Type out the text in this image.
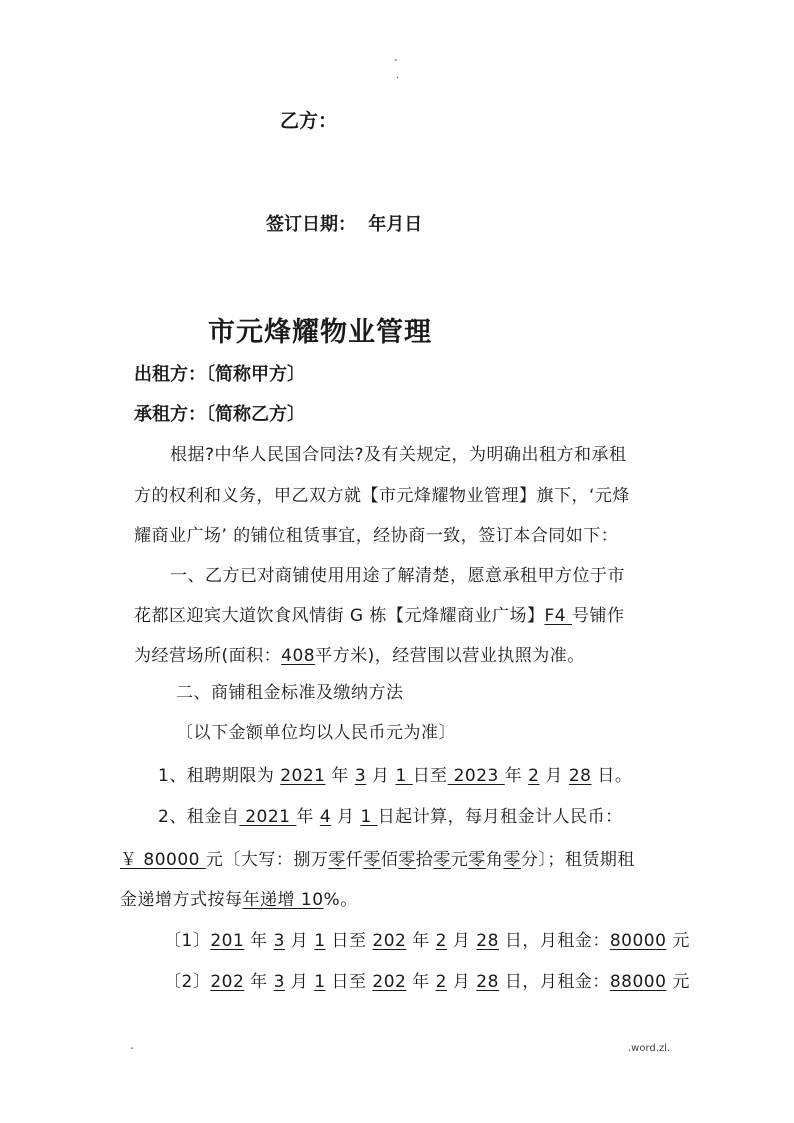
-
.
乙方：
签订日期： 年月日
市元烽耀物业管理
出租方：〔简称甲方〕
承租方：〔简称乙方〕
根据?中华人民国合同法?及有关规定，为明确出租方和承租
方的权利和义务，甲乙双方就【市元烽耀物业管理】旗下，‘元烽
耀商业广场’ 的铺位租赁事宜，经协商一致，签订本合同如下：
一、乙方已对商铺使用用途了解清楚，愿意承租甲方位于市
花都区迎宾大道饮食风情街 G 栋【元烽耀商业广场】F4 号铺作
为经营场所(面积：408平方米)，经营围以营业执照为准。
二、商铺租金标准及缴纳方法
〔以下金额单位均以人民币元为准〕
1、租聘期限为 2021 年 3 月 1 日至 2023 年 2 月 28 日。
2、租金自 2021 年 4 月 1 日起计算，每月租金计人民币：
￥ 80000 元〔大写：捌万零仟零佰零拾零元零角零分〕；租赁期租
金递增方式按每年递增 10%。
〔1〕201 年 3 月 1 日至 202 年 2 月 28 日，月租金：80000 元
〔2〕202 年 3 月 1 日至 202 年 2 月 28 日，月租金：88000 元
-	.word.zl.
